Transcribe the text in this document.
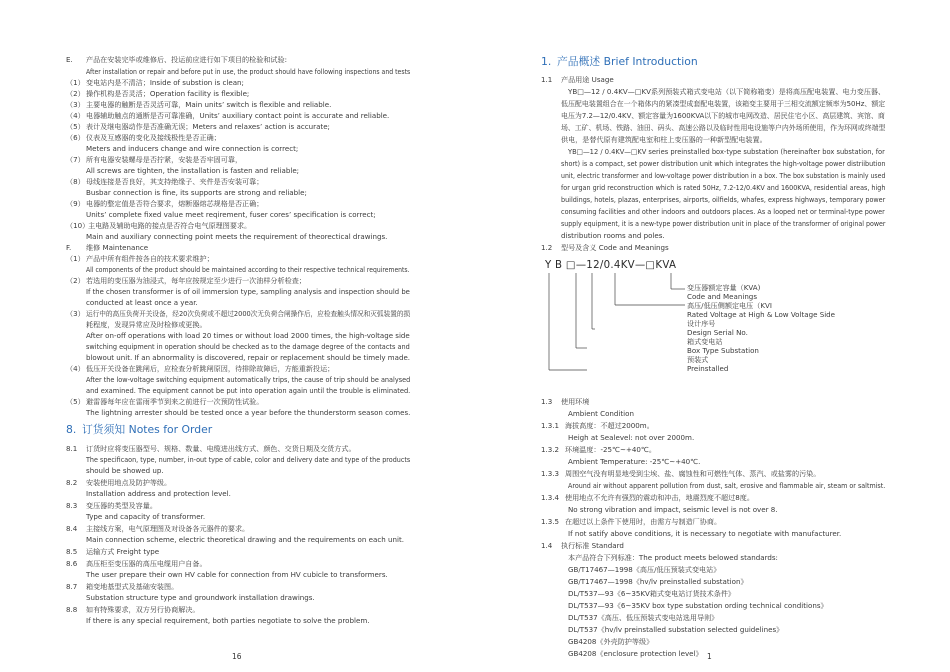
E. 产品在安装完毕或维修后、投运前应进行如下项目的检验和试验:
After installation or repair and before put in use, the product should have following inspections and tests
（1） 变电站内是不清洁；Inside of substion is clean;
（2） 操作机构是否灵活；Operation facility is flexible;
（3） 主要电器的触断是否灵活可靠，Main units’ switch is flexible and reliable.
（4） 电器辅助触点的通断是否可靠准确，Units’ auxiliary contact point is accurate and reliable.
（5） 表计及继电器动作是否准确无误；Meters and relaxes’ action is accurate;
（6） 仪表及互感器的变化及接线极性是否正确；
Meters and inducers change and wire connection is correct;
（7） 所有电器安装螺母是否拧紧，安装是否牢固可靠，
All screws are tighten, the installation is fasten and reliable;
（8） 母线连接是否良好，其支持绝缘子、夹件是否安装可靠；
Busbar connection is fine, its supports are strong and reliable;
（9） 电器的整定值是否符合要求，熔断器熔芯规格是否正确；
Units’ complete fixed value meet reqirement, fuser cores’ specification is correct;
（10）
主电路及辅助电路的接点是否符合电气原理图要求。
Main and auxiliary connecting point meets the requirement of theorectical drawings.
F. 维修 Maintenance
（1） 产品中所有组件按各自的技术要求维护；
All components of the product should be maintained according to their respective technical requirements.
（2） 若选用的变压器为油浸式，每年应按规定至少进行一次油样分析检查；
If the chosen transformer is of oil immersion type, sampling analysis and inspection should be
conducted at least once a year.
（3） 运行中的高压负荷开关设备，经20次负荷或不超过2000次无负荷合闸操作后，应检查触头情况和灭弧装置的损
耗程度，发现异常应及时检修或更换。
After on-off operations with load 20 times or without load 2000 times, the high-voltage side
switching equipment in operation should be checked as to the damage degree of the contacts and
blowout unit. If an abnormality is discovered, repair or replacement should be timely made.
（4） 低压开关设备在跳闸后，应检查分析跳闸原因，待排除故障后，方能重新投运；
After the low-voltage switching equipment automatically trips, the cause of trip should be analysed
and examined. The equipment cannot be put into operation again until the trouble is eliminated.
（5） 避雷器每年应在雷雨季节到来之前进行一次预防性试验。
The lightning arrester should be tested once a year before the thunderstorm season comes.
8. 订货须知 Notes for Order
8.1 订货时应将变压器型号、规格、数量、电缆进出线方式、颜色、交货日期及交货方式。
The specificaon, type, number, in-out type of cable, color and delivery date and type of the products
should be showed up.
8.2 安装使用地点及防护等级。
Installation address and protection level.
8.3 变压器的类型及容量。
Type and capacity of transformer.
8.4 主接线方案，电气原理图及对设备各元器件的要求。
Main connection scheme, electric theoretical drawing and the requirements on each unit.
8.5 运输方式 Freight type
8.6 高压柜至变压器的高压电缆用户自备。
The user prepare their own HV cable for connection from HV cubicle to transformers.
8.7 箱变地基型式及基础安装图。
Substation structure type and groundwork installation drawings.
8.8 如有特殊要求，双方另行协商解决。
If there is any special requirement, both parties negotiate to solve the problem.
16
1. 产品概述 Brief Introduction
1.1 产品用途 Usage
YB□—12 / 0.4KV—□KV系列预装式箱式变电站（以下简称箱变）是将高压配电装置、电力变压器、
低压配电装置组合在一个箱体内的紧凑型成套配电装置，该箱变主要用于三相交流额定频率为50Hz、额定
电压为7.2—12/0.4KV、额定容量为1600KVA以下的城市电网改造、居民住宅小区、高层建筑、宾馆、商
场、工矿、机场、铁路、油田、码头、高速公路以及临时性用电设施等户内外场所使用，作为环网或终端型
供电，是替代原有建筑配电室和柱上变压器的一种新型配电装置。
YB□—12 / 0.4KV—□KV series preinstalled box-type substation (hereinafter box substation, for
short) is a compact, set power distribution unit which integrates the high-voltage power distriibution
unit, electric transformer and low-voltage power distribution in a box. The box substation is mainly used
for urgan grid reconstruction which is rated 50Hz, 7.2-12/0.4KV and 1600KVA, residential areas, high
buildings, hotels, plazas, enterprises, airports, oilfields, whafes, express highways, temporary power
consuming facilities and other indoors and outdoors places. As a looped net or terminal-type power
supply equipment, it is a new-type power distribution unit in place of the transformer of original power
distribution rooms and poles.
1.2 型号及含义 Code and Meanings
1.3 使用环境
Ambient Condition
1.3.1 海拔高度：不超过2000m。
Heigh at Sealevel: not over 2000m.
1.3.2 环境温度：-25℃~+40℃。
Ambient Temperature: -25℃~+40℃.
1.3.3 周围空气没有明显地受到尘埃、盐、腐蚀性和可燃性气体、蒸汽、或盐雾的污染。
Around air without apparent pollution from dust, salt, erosive and flammable air, steam or saltmist.
1.3.4 使用地点不允许有强烈的震动和冲击，地震烈度不超过8度。
No strong vibration and impact, seismic level is not over 8.
1.3.5 在超过以上条件下使用时，由需方与制造厂协商。
If not satify above conditions, it is necessary to negotiate with manufacturer.
1.4 执行标准 Standard
本产品符合下列标准：The product meets belowed standards:
GB/T17467—1998《高压/低压预装式变电站》
GB/T17467—1998《hv/lv preinstalled substation》
DL/T537—93《6~35KV箱式变电站订货技术条件》
DL/T537—93《6~35KV box type substation ording technical conditions》
DL/T537《高压、低压预装式变电站选用导则》
DL/T537《hv/lv preinstalled substation selected guidelines》
GB4208《外壳防护等级》
GB4208《enclosure protection level》
Y B □—12/0.4KV—□KVA
变压器额定容量（KVA)
Code and Meanings
高压/低压侧额定电压（KVI
Rated Voltage at High & Low Voltage Side
设计序号
Design Serial No.
箱式变电站
Box Type Substation
预装式
Preinstalled
1
